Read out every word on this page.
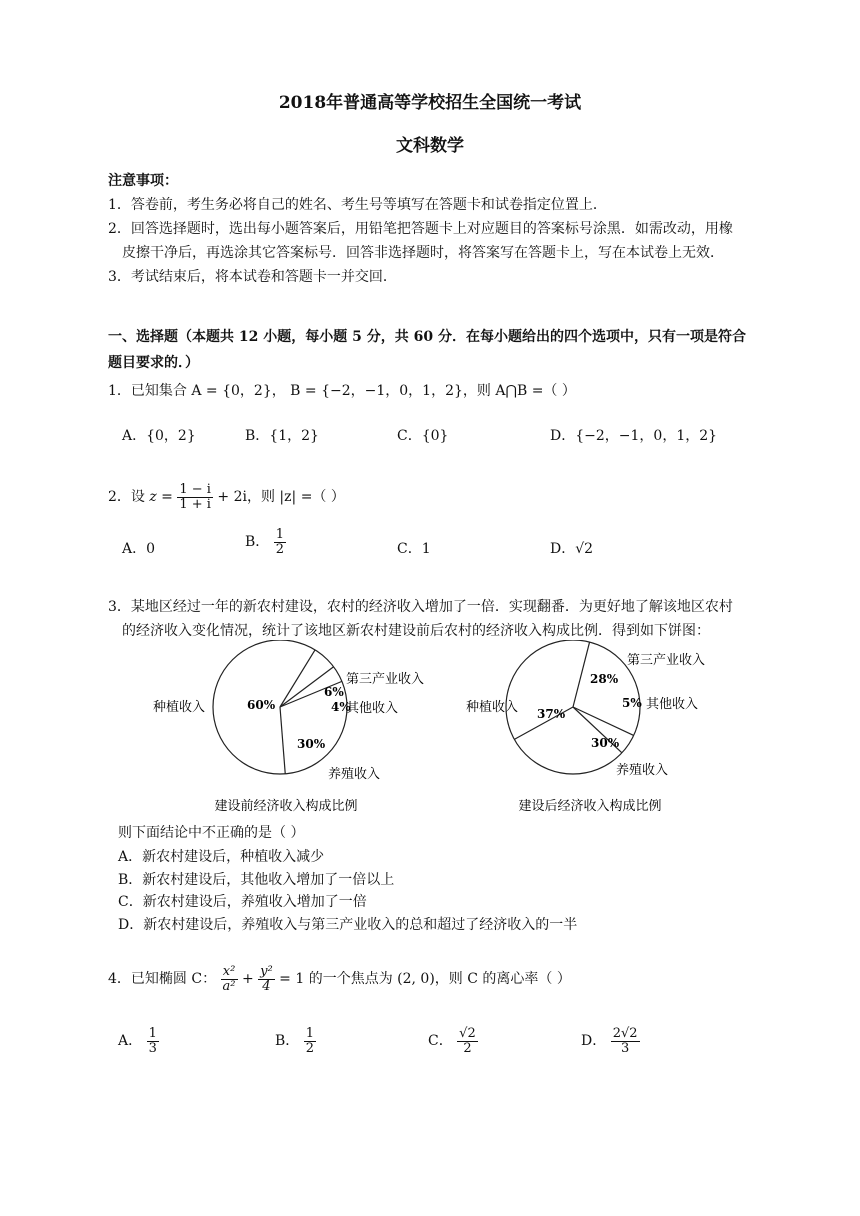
2018年普通高等学校招生全国统一考试
文科数学
注意事项：
1．答卷前，考生务必将自己的姓名、考生号等填写在答题卡和试卷指定位置上．
2．回答选择题时，选出每小题答案后，用铅笔把答题卡上对应题目的答案标号涂黑．如需改动，用橡
皮擦干净后，再选涂其它答案标号．回答非选择题时，将答案写在答题卡上，写在本试卷上无效．
3．考试结束后，将本试卷和答题卡一并交回．
一、选择题（本题共 12 小题，每小题 5 分，共 60 分．在每小题给出的四个选项中，只有一项是符合
题目要求的．）
1．已知集合 A = {0，2}， B = {−2，−1，0，1，2}，则 A⋂B =（ ）
A．{0，2}	B．{1，2}	C．{0}	D．{−2，−1，0，1，2}
2．设 $z = \frac{1 - i}{1 + i} + 2i$，则 |z| =（ ）
A．0	B． $\frac{1}{2}$	C．1	D．√2
3．某地区经过一年的新农村建设，农村的经济收入增加了一倍．实现翻番．为更好地了解该地区农村
的经济收入变化情况，统计了该地区新农村建设前后农村的经济收入构成比例．得到如下饼图：
种植收入	60%
第三产业收入
6%
其他收入
4%
养殖收入
30%
建设前经济收入构成比例
种植收入 37%
第三产业收入
28%
其他收入
5%
养殖收入
30%
建设后经济收入构成比例
则下面结论中不正确的是（ ）
A．新农村建设后，种植收入减少
B．新农村建设后，其他收入增加了一倍以上
C．新农村建设后，养殖收入增加了一倍
D．新农村建设后，养殖收入与第三产业收入的总和超过了经济收入的一半
4．已知椭圆 C： $\frac{\text{x²}}{\text{a²}} + \frac{\text{y²}}{4} = 1$ 的一个焦点为 (2, 0)，则 C 的离心率（ ）
A． $\frac{1}{3}$	B． $\frac{1}{2}$	C． $\frac{√2}{2}$	D． $\frac{2√2}{3}$
